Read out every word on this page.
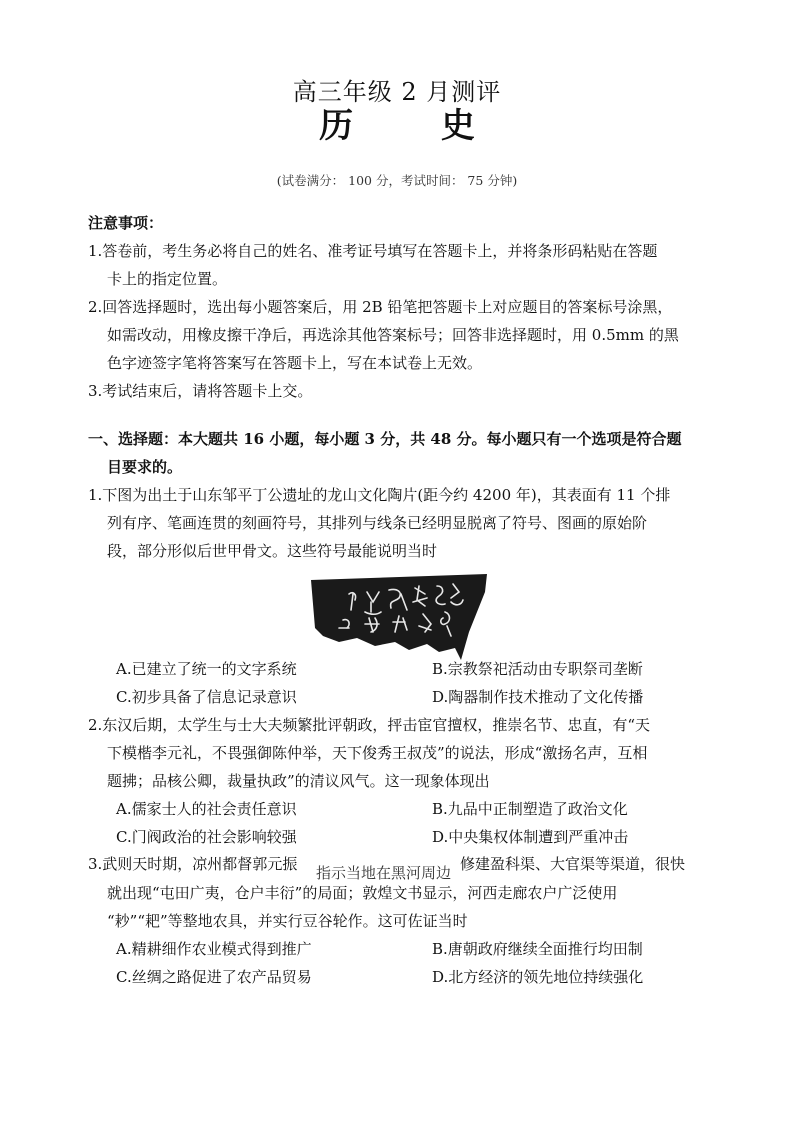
高三年级 2 月测评
历 史
(试卷满分： 100 分，考试时间： 75 分钟)
注意事项：
1.答卷前，考生务必将自己的姓名、准考证号填写在答题卡上，并将条形码粘贴在答题
卡上的指定位置。
2.回答选择题时，选出每小题答案后，用 2B 铅笔把答题卡上对应题目的答案标号涂黑，
如需改动，用橡皮擦干净后，再选涂其他答案标号；回答非选择题时，用 0.5mm 的黑
色字迹签字笔将答案写在答题卡上，写在本试卷上无效。
3.考试结束后，请将答题卡上交。
一、选择题：本大题共 16 小题，每小题 3 分，共 48 分。每小题只有一个选项是符合题
目要求的。
1.下图为出土于山东邹平丁公遗址的龙山文化陶片(距今约 4200 年)，其表面有 11 个排
列有序、笔画连贯的刻画符号，其排列与线条已经明显脱离了符号、图画的原始阶
段，部分形似后世甲骨文。这些符号最能说明当时
A.已建立了统一的文字系统	B.宗教祭祀活动由专职祭司垄断
C.初步具备了信息记录意识	D.陶器制作技术推动了文化传播
2.东汉后期，太学生与士大夫频繁批评朝政，抨击宦官擅权，推崇名节、忠直，有“天
下模楷李元礼，不畏强御陈仲举，天下俊秀王叔茂”的说法，形成“激扬名声，互相
题拂；品核公卿，裁量执政”的清议风气。这一现象体现出
A.儒家士人的社会责任意识	B.九品中正制塑造了政治文化
C.门阀政治的社会影响较强	D.中央集权体制遭到严重冲击
3.武则天时期，凉州都督郭元振 指示当地在黑河周边 修建盈科渠、大官渠等渠道，很快
就出现“屯田广夷，仓户丰衍”的局面；敦煌文书显示，河西走廊农户广泛使用
“耖”“耙”等整地农具，并实行豆谷轮作。这可佐证当时
A.精耕细作农业模式得到推广	B.唐朝政府继续全面推行均田制
C.丝绸之路促进了农产品贸易	D.北方经济的领先地位持续强化
